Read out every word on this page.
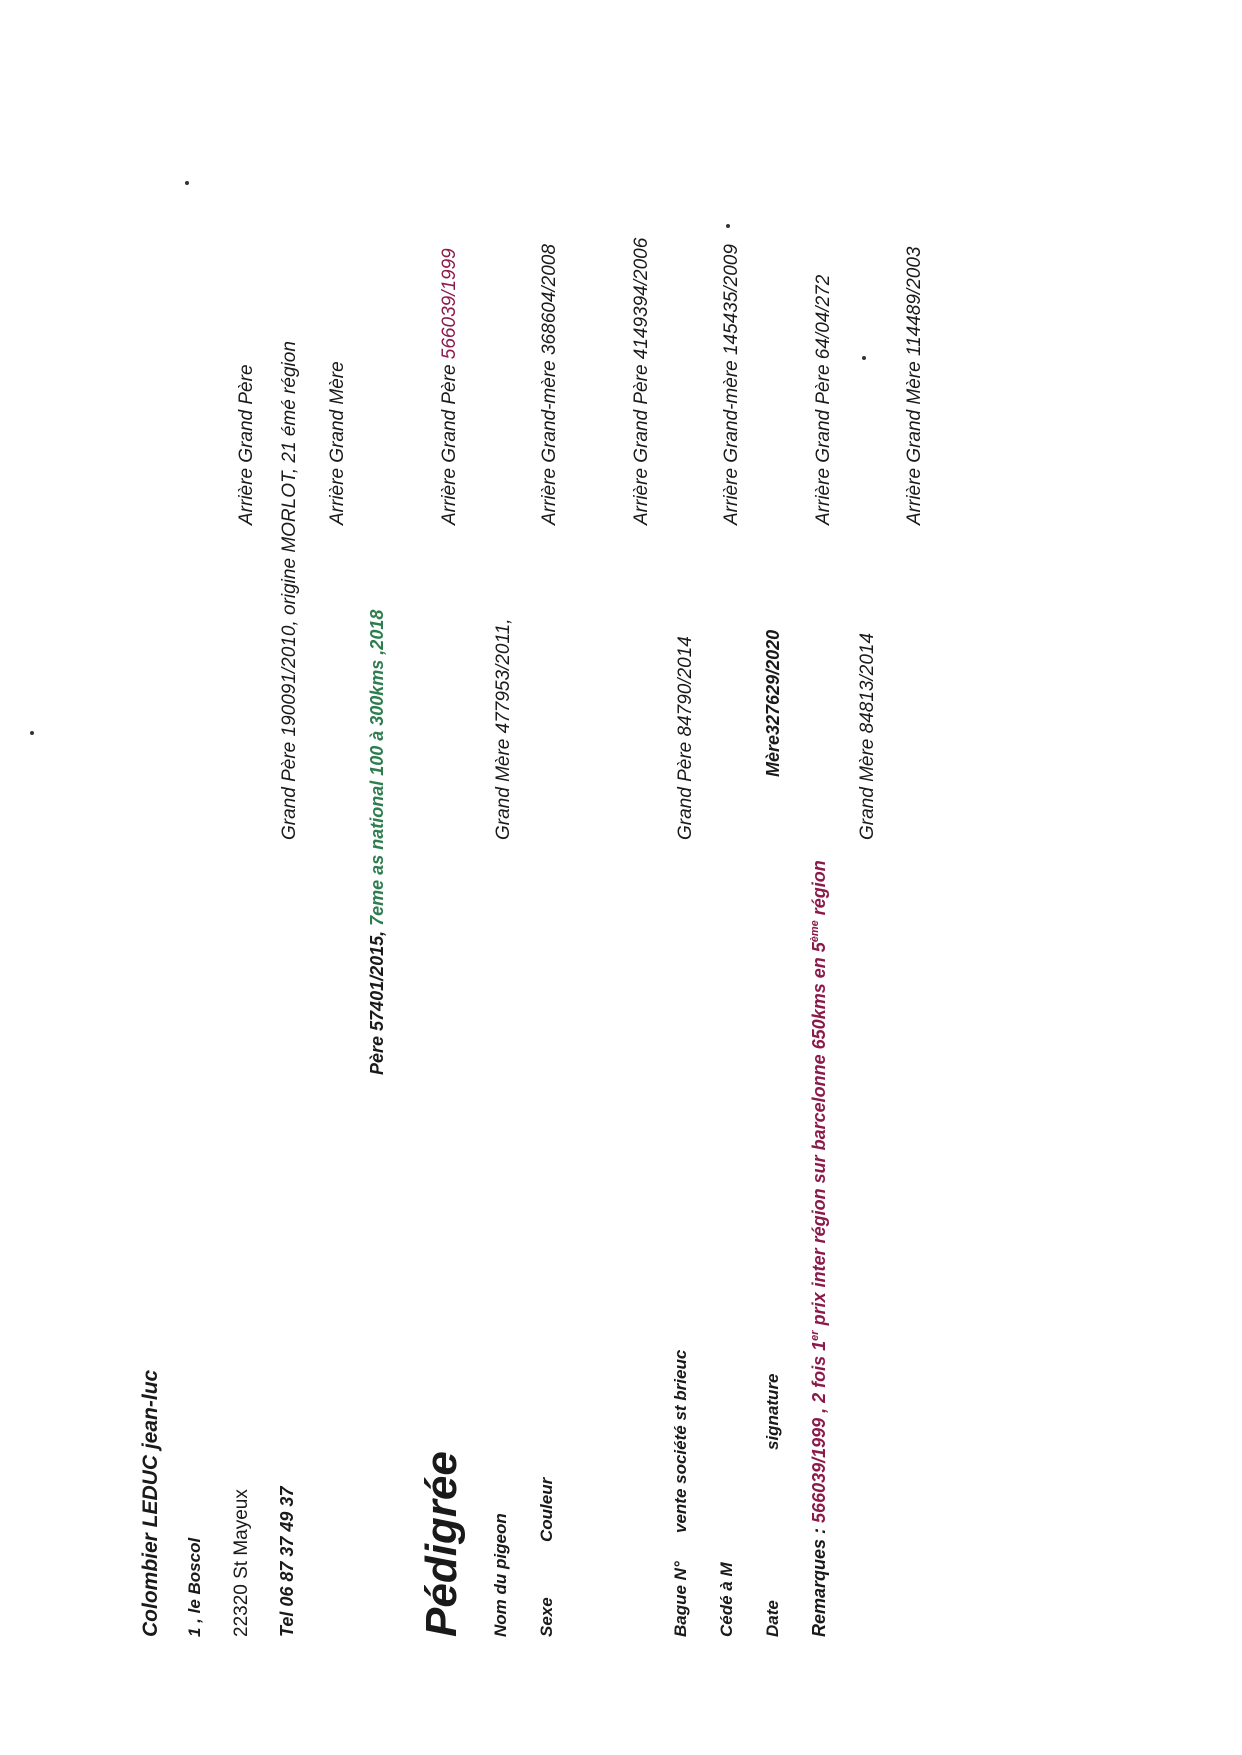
Colombier LEDUC jean-luc 1 , le Boscol 22320 St Mayeux Tel 06 87 37 49 37	Pédigrée Nom du pigeon Sexe
Couleur
Bague N°
vente société st brieuc
Cédé à M Date
signature
Remarques : 566039/1999 , 2 fois 1er prix inter région sur barcelonne 650kms en 5ème région
Père 57401/2015, 7eme as national 100 à 300kms ,2018	Mère327629/2020
Grand Père 190091/2010, origine MORLOT, 21 émé région	Grand Mère 477953/2011,	Grand Père 84790/2014	Grand Mère 84813/2014
Arrière Grand Père	Arrière Grand Mère	Arrière Grand Père 566039/1999	Arrière Grand-mère 368604/2008	Arrière Grand Père 4149394/2006	Arrière Grand-mère 145435/2009	Arrière Grand Père 64/04/272	Arrière Grand Mère 114489/2003
